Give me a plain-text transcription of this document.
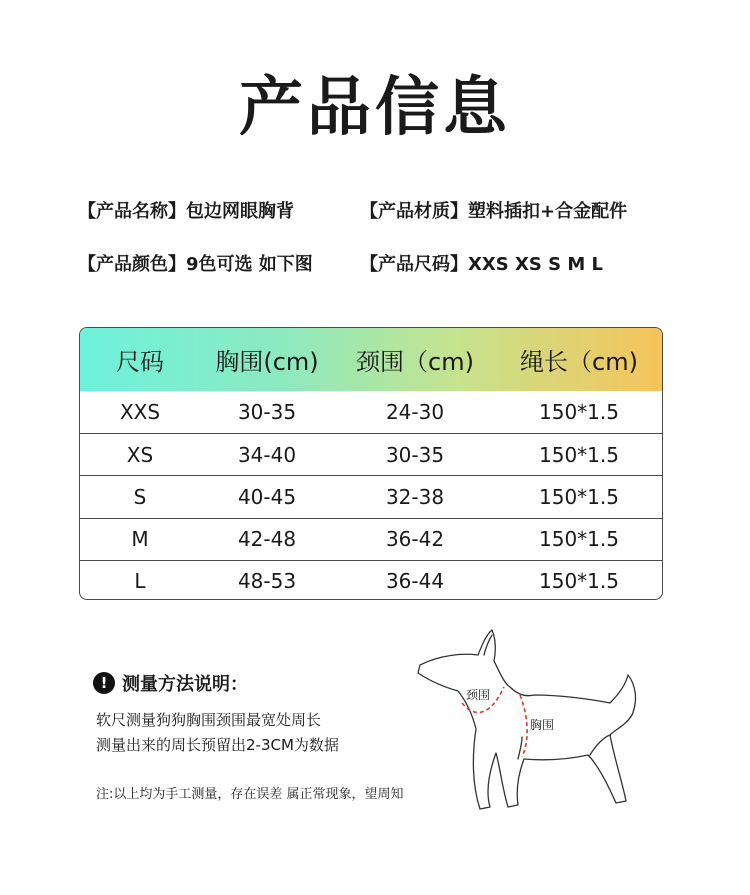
产品信息
【产品名称】包边网眼胸背	【产品材质】塑料插扣+合金配件
【产品颜色】9色可选 如下图	【产品尺码】XXS XS S M L
尺码	胸围(cm)	颈围（cm)	绳长（cm)
XXS	30-35	24-30	150*1.5
XS	34-40	30-35	150*1.5
S	40-45	32-38	150*1.5
M	42-48	36-42	150*1.5
L	48-53	36-44	150*1.5
! 测量方法说明：
软尺测量狗狗胸围颈围最宽处周长
测量出来的周长预留出2-3CM为数据
注:以上均为手工测量，存在误差 属正常现象，望周知
颈围
胸围
